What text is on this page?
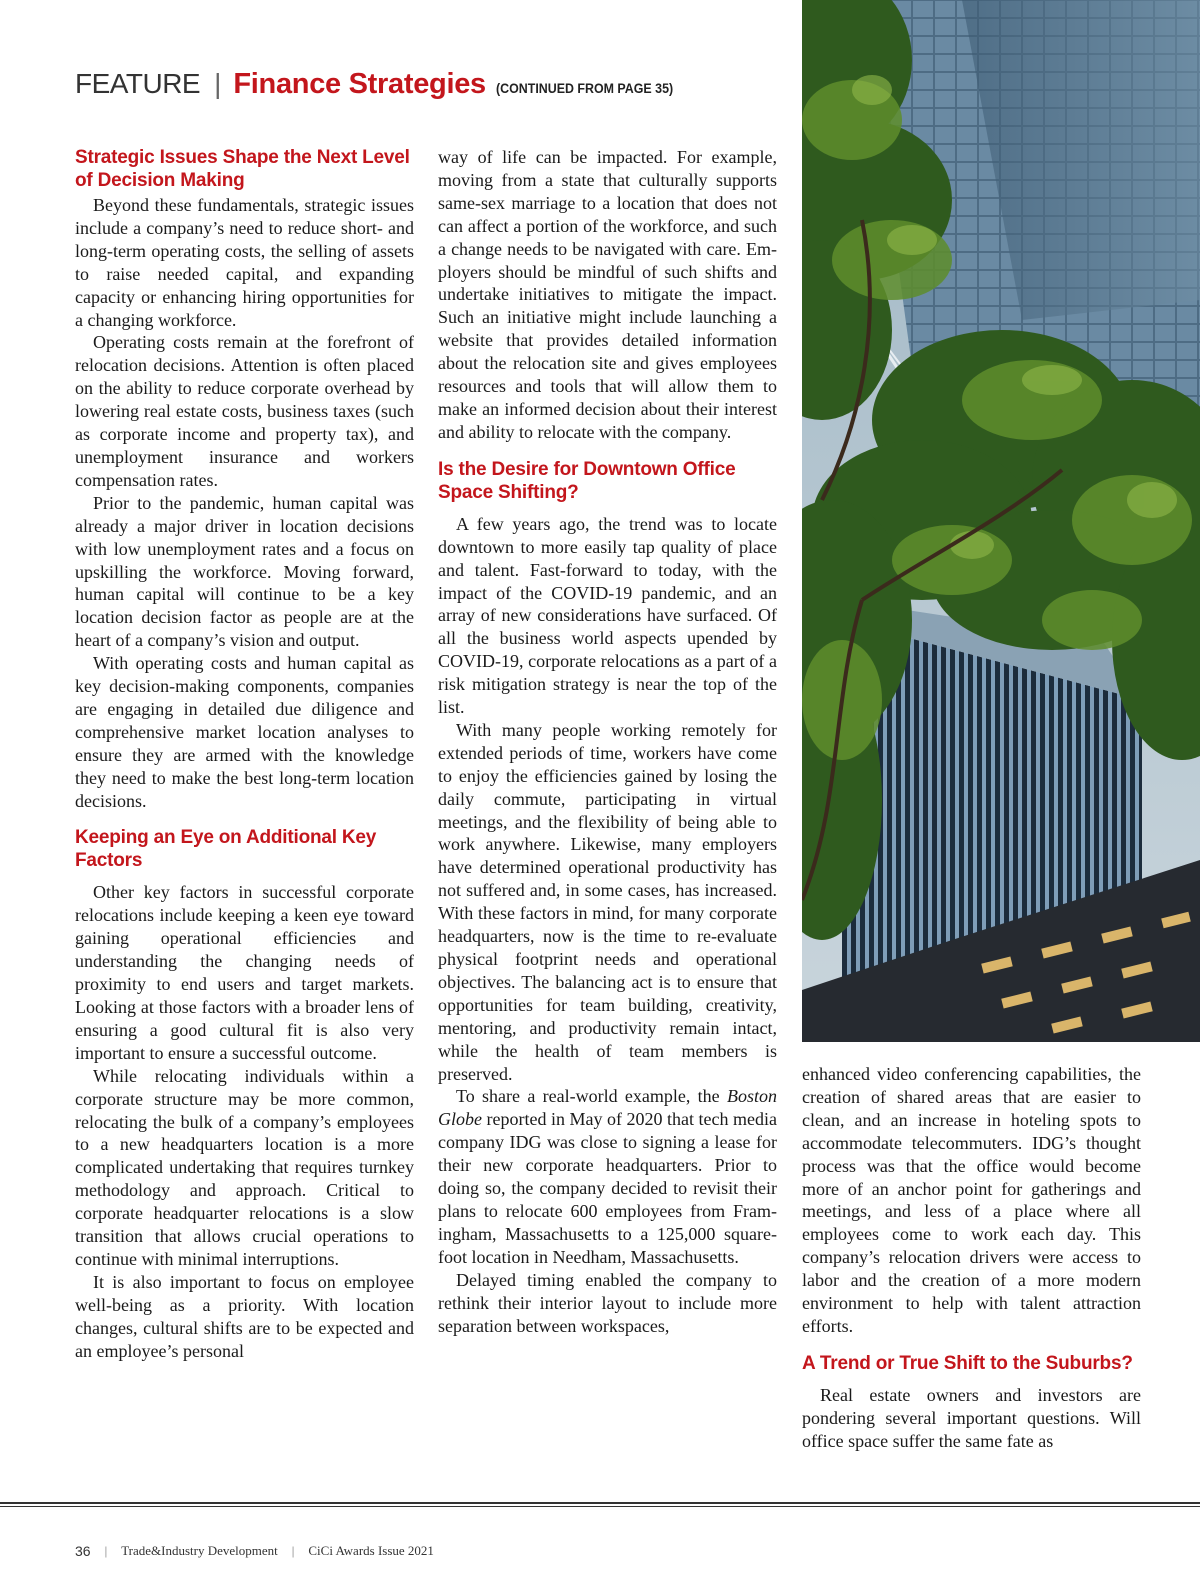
FEATURE | Finance Strategies (CONTINUED FROM PAGE 35)
Strategic Issues Shape the Next Level of Decision Making

Beyond these fundamentals, strategic issues include a company’s need to reduce short- and long-term operating costs, the selling of assets to raise needed capital, and expanding capacity or enhancing hiring opportunities for a changing workforce.

Operating costs remain at the forefront of relocation decisions. Attention is often placed on the ability to reduce corporate overhead by lowering real estate costs, business taxes (such as corporate income and property tax), and unemployment insurance and workers compensation rates.

Prior to the pandemic, human capital was already a major driver in location decisions with low unemployment rates and a focus on upskilling the workforce. Moving forward, human capital will continue to be a key location decision factor as people are at the heart of a company’s vision and output.

With operating costs and human capital as key decision-making components, companies are engaging in detailed due diligence and comprehensive market location analyses to ensure they are armed with the knowledge they need to make the best long-term location decisions.

Keeping an Eye on Additional Key Factors

Other key factors in successful corporate relocations include keeping a keen eye toward gaining operational efficiencies and understanding the changing needs of proximity to end users and target markets. Looking at those factors with a broader lens of ensuring a good cultural fit is also very important to ensure a successful outcome.

While relocating individuals within a corporate structure may be more common, relocating the bulk of a company’s employees to a new headquarters location is a more complicated undertaking that requires turnkey methodology and approach. Critical to corporate headquarter relocations is a slow transition that allows crucial operations to continue with minimal interruptions.

It is also important to focus on employee well-being as a priority. With location changes, cultural shifts are to be expected and an employee’s personal

way of life can be impacted. For example, moving from a state that culturally supports same-sex marriage to a location that does not can affect a portion of the workforce, and such a change needs to be navigated with care. Employers should be mindful of such shifts and undertake initiatives to mitigate the impact. Such an initiative might include launching a website that provides detailed information about the relocation site and gives employees resources and tools that will allow them to make an informed decision about their interest and ability to relocate with the company.

Is the Desire for Downtown Office Space Shifting?

A few years ago, the trend was to locate downtown to more easily tap quality of place and talent. Fast-forward to today, with the impact of the COVID-19 pandemic, and an array of new considerations have surfaced. Of all the business world aspects upended by COVID-19, corporate relocations as a part of a risk mitigation strategy is near the top of the list.

With many people working remotely for extended periods of time, workers have come to enjoy the efficiencies gained by losing the daily commute, participating in virtual meetings, and the flexibility of being able to work anywhere. Likewise, many employers have determined operational productivity has not suffered and, in some cases, has increased. With these factors in mind, for many corporate headquarters, now is the time to re-evaluate physical footprint needs and operational objectives. The balancing act is to ensure that opportunities for team building, creativity, mentoring, and productivity remain intact, while the health of team members is preserved.

To share a real-world example, the Boston Globe reported in May of 2020 that tech media company IDG was close to signing a lease for their new corporate headquarters. Prior to doing so, the company decided to revisit their plans to relocate 600 employees from Framingham, Massachusetts to a 125,000 square-foot location in Needham, Massachusetts.

Delayed timing enabled the company to rethink their interior layout to include more separation between workspaces,

enhanced video conferencing capabilities, the creation of shared areas that are easier to clean, and an increase in hoteling spots to accommodate telecommuters. IDG’s thought process was that the office would become more of an anchor point for gatherings and meetings, and less of a place where all employees come to work each day. This company’s relocation drivers were access to labor and the creation of a more modern environment to help with talent attraction efforts.

A Trend or True Shift to the Suburbs?

Real estate owners and investors are pondering several important questions. Will office space suffer the same fate as

36 | Trade&Industry Development | CiCi Awards Issue 2021
